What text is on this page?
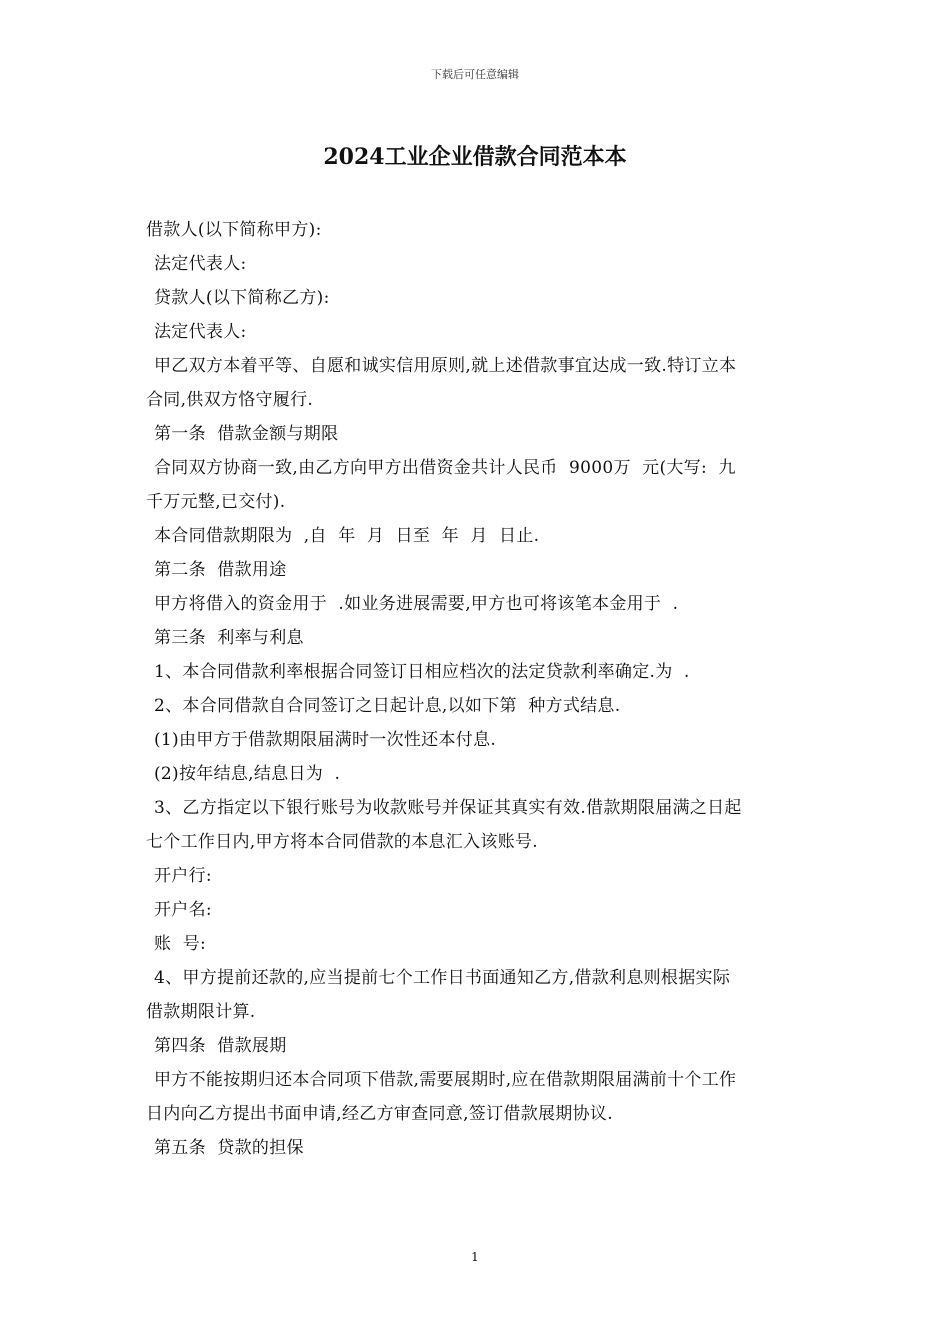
下载后可任意编辑
2024工业企业借款合同范本本
借款人(以下简称甲方):
法定代表人:
贷款人(以下简称乙方):
法定代表人:
甲乙双方本着平等、自愿和诚实信用原则,就上述借款事宜达成一致.特订立本
合同,供双方恪守履行.
第一条  借款金额与期限
合同双方协商一致,由乙方向甲方出借资金共计人民币  9000万  元(大写:  九
千万元整,已交付).
本合同借款期限为  ,自  年  月  日至  年  月  日止.
第二条  借款用途
甲方将借入的资金用于  .如业务进展需要,甲方也可将该笔本金用于  .
第三条  利率与利息
1、本合同借款利率根据合同签订日相应档次的法定贷款利率确定.为  .
2、本合同借款自合同签订之日起计息,以如下第  种方式结息.
(1)由甲方于借款期限届满时一次性还本付息.
(2)按年结息,结息日为  .
3、乙方指定以下银行账号为收款账号并保证其真实有效.借款期限届满之日起
七个工作日内,甲方将本合同借款的本息汇入该账号.
开户行:
开户名:
账  号:
4、甲方提前还款的,应当提前七个工作日书面通知乙方,借款利息则根据实际
借款期限计算.
第四条  借款展期
甲方不能按期归还本合同项下借款,需要展期时,应在借款期限届满前十个工作
日内向乙方提出书面申请,经乙方审查同意,签订借款展期协议.
第五条  贷款的担保
1
